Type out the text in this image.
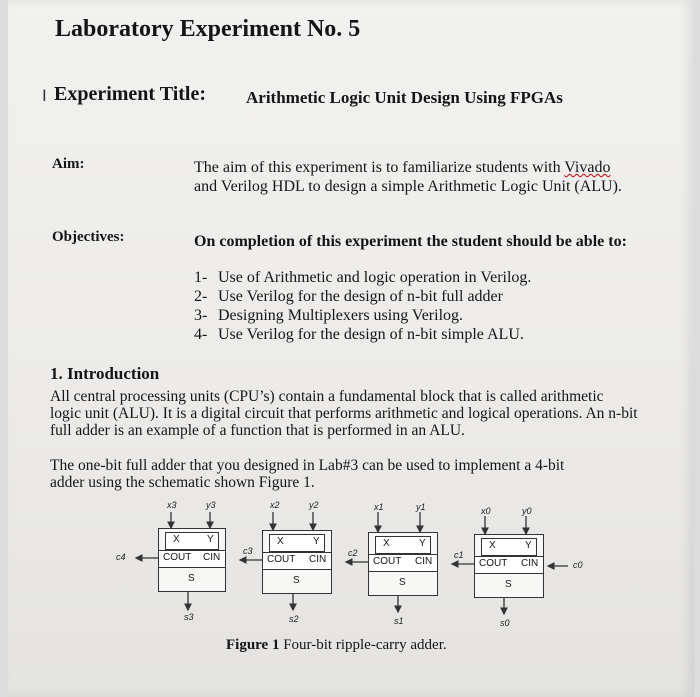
Laboratory Experiment No. 5
I Experiment Title: Arithmetic Logic Unit Design Using FPGAs
Aim:	The aim of this experiment is to familiarize students with Vivado
and Verilog HDL to design a simple Arithmetic Logic Unit (ALU).
Objectives:	On completion of this experiment the student should be able to:
1- Use of Arithmetic and logic operation in Verilog.
2- Use Verilog for the design of n-bit full adder
3- Designing Multiplexers using Verilog.
4- Use Verilog for the design of n-bit simple ALU.
1. Introduction
All central processing units (CPU’s) contain a fundamental block that is called arithmetic
logic unit (ALU). It is a digital circuit that performs arithmetic and logical operations. An n-bit
full adder is an example of a function that is performed in an ALU.
The one-bit full adder that you designed in Lab#3 can be used to implement a 4-bit
adder using the schematic shown Figure 1.
X	Y
COUT CIN
S
X	Y
COUT CIN
S
X	Y
COUT CIN
S
X	Y
COUT CIN
S
x3	y3
s3
c3
c4
x2	y2
s2
c2
x1	y1
s1
c1
x0	y0
s0
c0
Figure 1 Four-bit ripple-carry adder.
